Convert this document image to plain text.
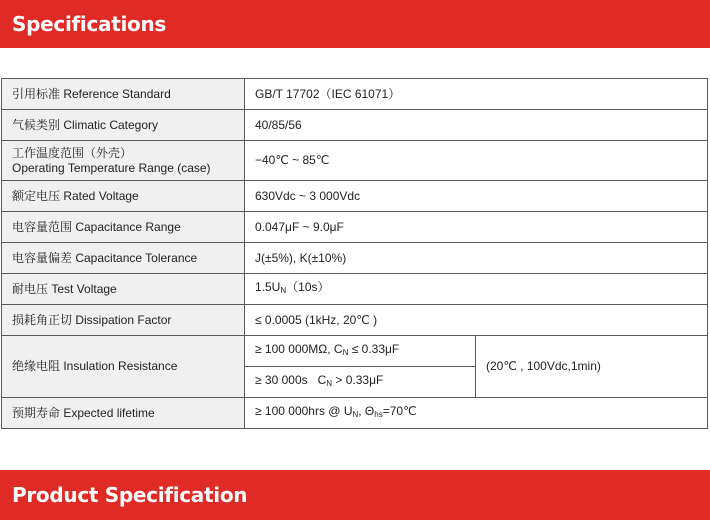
Specifications
引用标准 Reference Standard	GB/T 17702（IEC 61071）	
气候类别 Climatic Category	40/85/56	

工作温度范围（外壳）
Operating Temperature Range (case)	−40℃ ~ 85℃	
额定电压 Rated Voltage	630Vdc ~ 3 000Vdc	
电容量范围 Capacitance Range	0.047μF ~ 9.0μF	
电容量偏差 Capacitance Tolerance	J(±5%), K(±10%)	
耐电压 Test Voltage	$1.5U_N(10s)$	
损耗角正切 Dissipation Factor	≤ 0.0005 (1kHz, 20℃ )	
绝缘电阻 Insulation Resistance	≥ 100 000MΩ, $C_N \le 0.33\mu F$	(20℃ , 100Vdc,1min)
	≥ 30 000s   $C_N > 0.33\mu F$	
预期寿命 Expected lifetime	≥ 100 000hrs @ $U_N$, $\Theta_{hs}=70℃$	
Product Specification
